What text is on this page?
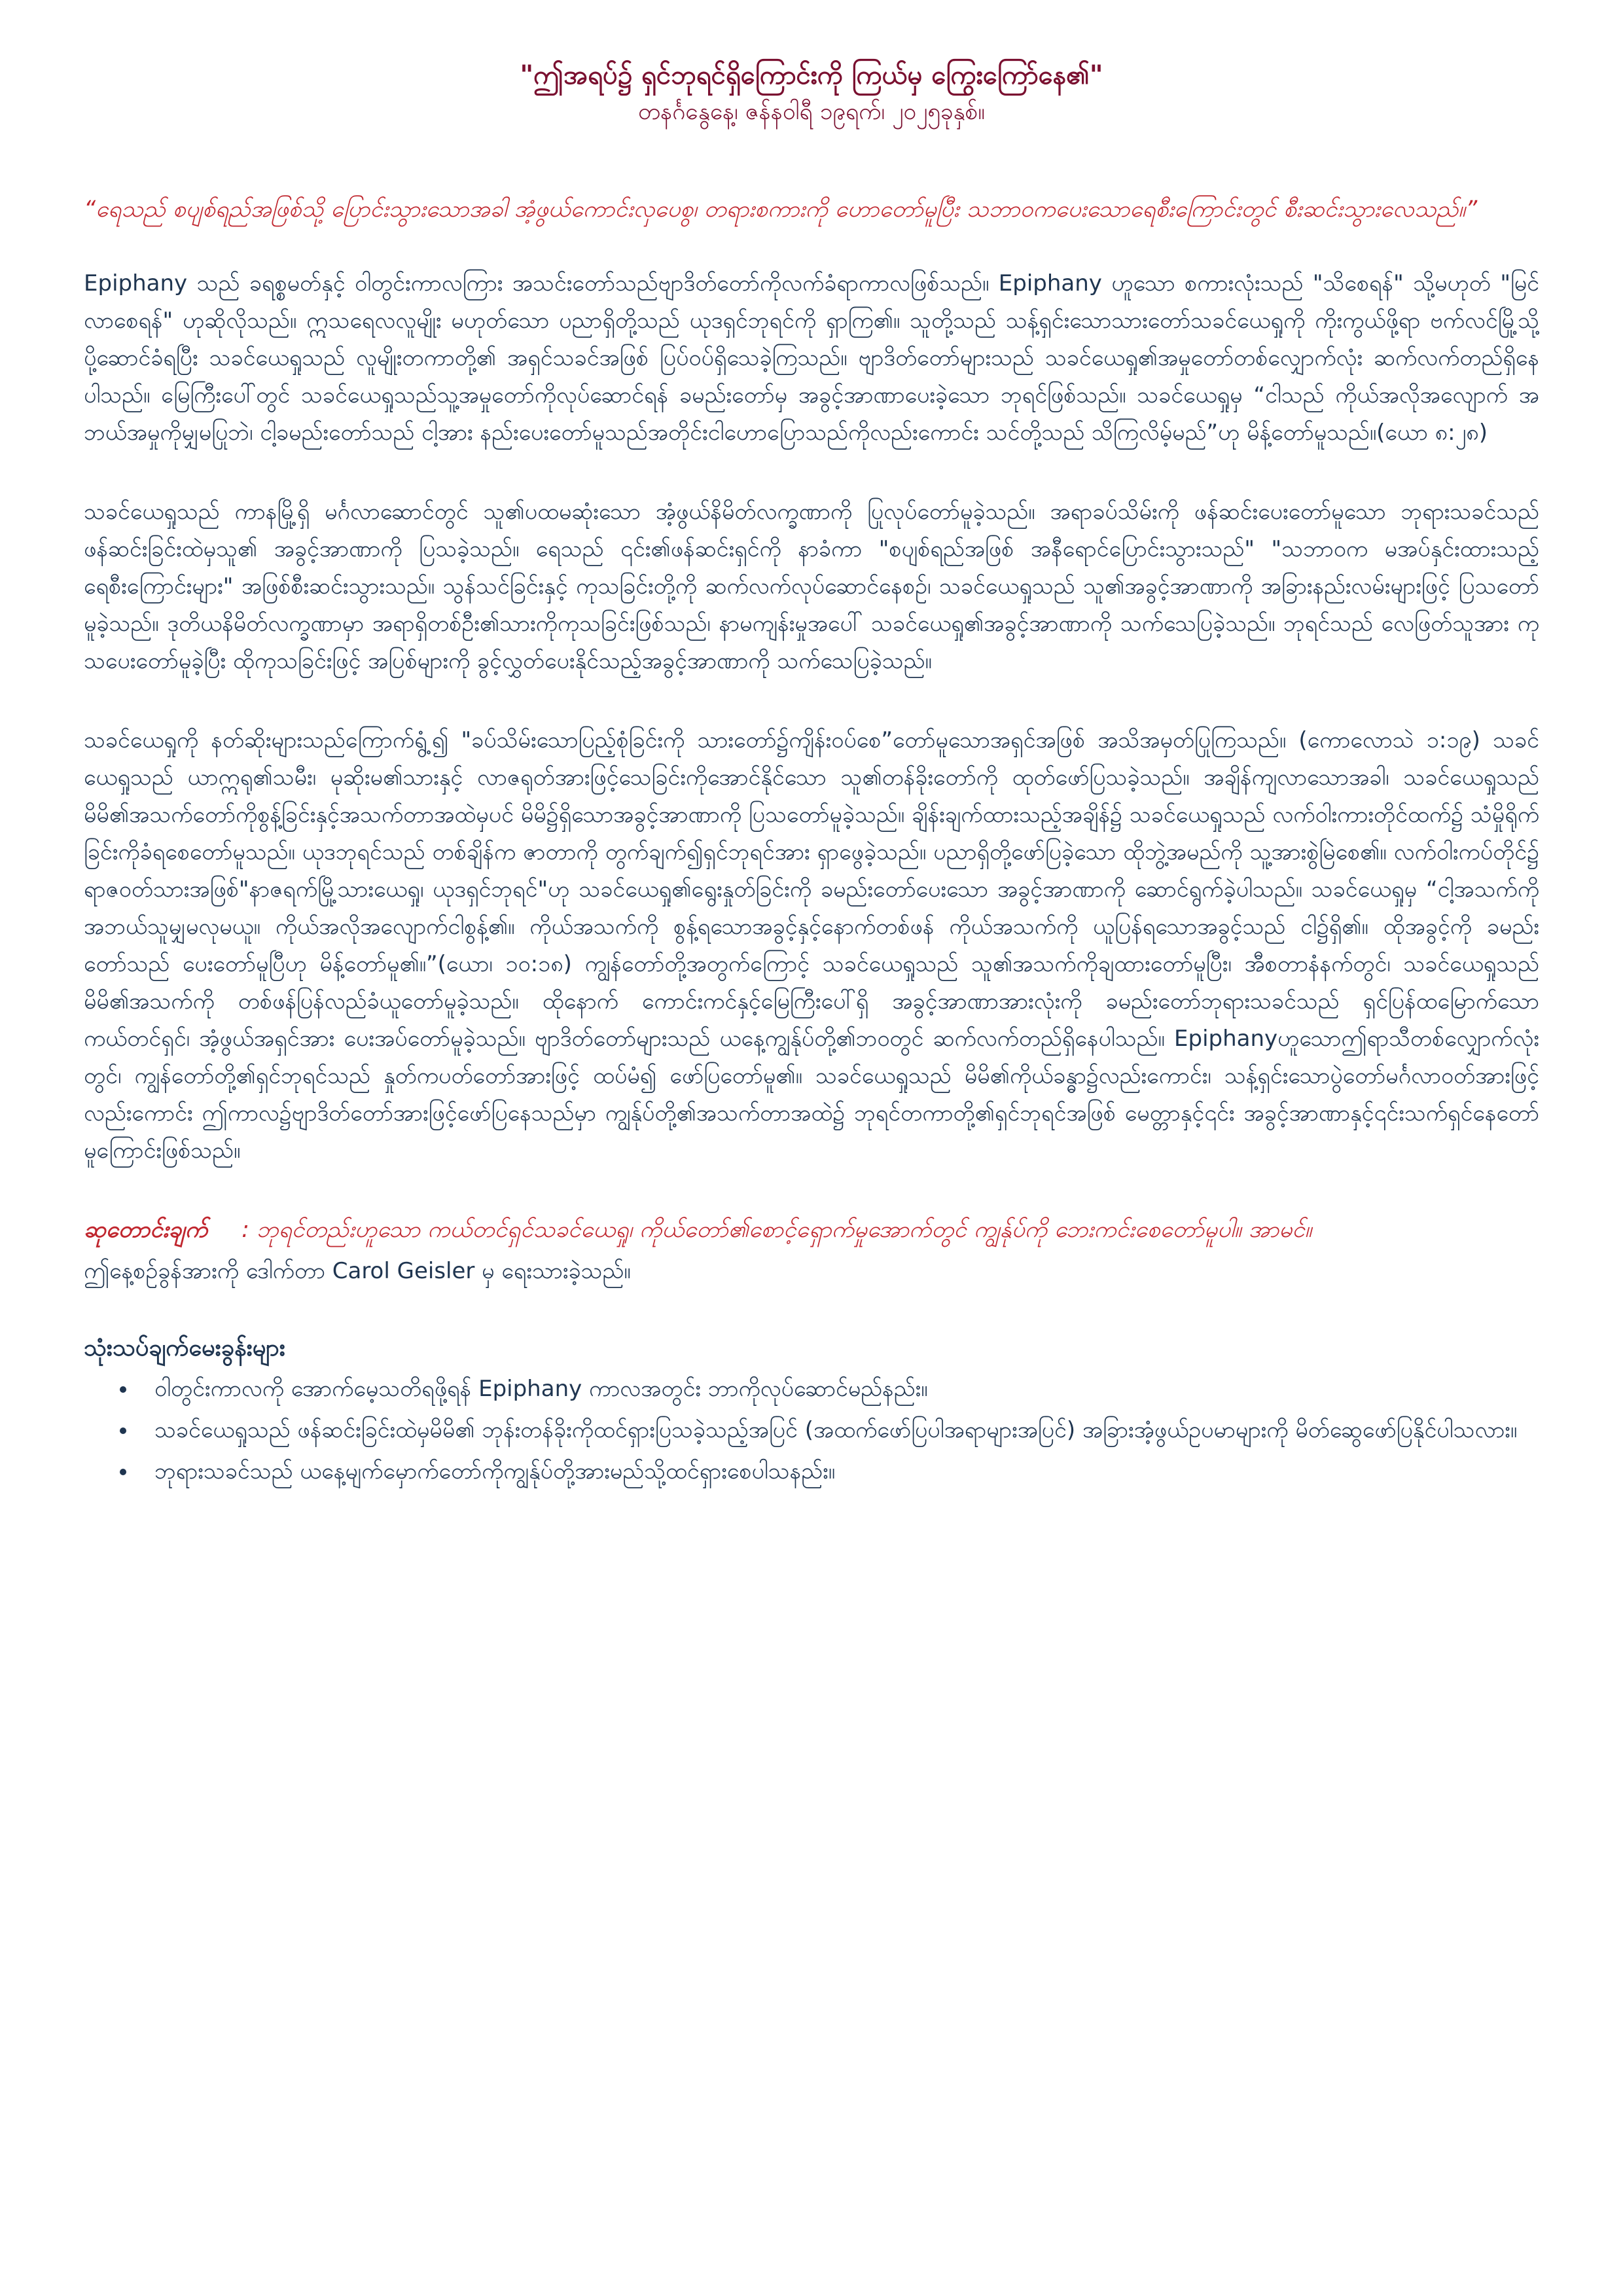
"ဤအရပ်၌ ရှင်ဘုရင်ရှိကြောင်းကို ကြယ်မှ ကြွေးကြော်နေ၏"

တနင်္ဂနွေနေ့၊ ဇန်နဝါရီ ၁၉ရက်၊ ၂၀၂၅ခုနှစ်။

“ရေသည် စပျစ်ရည်အဖြစ်သို့ ပြောင်းသွားသောအခါ အံ့ဖွယ်ကောင်းလှပေစွ၊ တရားစကားကို ဟောတော်မူပြီး သဘာဝကပေးသောရေစီးကြောင်းတွင် စီးဆင်းသွားလေသည်။”

Epiphany သည် ခရစ္စမတ်နှင့် ဝါတွင်းကာလကြား အသင်းတော်သည်ဗျာဒိတ်တော်ကိုလက်ခံရာကာလဖြစ်သည်။ Epiphany ဟူသော စကားလုံးသည် "သိစေရန်" သို့မဟုတ် "မြင်လာစေရန်" ဟုဆိုလိုသည်။ ဣသရေလလူမျိုး မဟုတ်သော ပညာရှိတို့သည် ယုဒရှင်ဘုရင်ကို ရှာကြ၏။ သူတို့သည် သန့်ရှင်းသောသားတော်သခင်ယေရှုကို ကိုးကွယ်ဖို့ရာ ဗက်လင်မြို့သို့ပို့ဆောင်ခံရပြီး သခင်ယေရှုသည် လူမျိုးတကာတို့၏ အရှင်သခင်အဖြစ် ပြပ်ဝပ်ရှိသေခဲ့ကြသည်။ ဗျာဒိတ်တော်များသည် သခင်ယေရှု၏အမှုတော်တစ်လျှောက်လုံး ဆက်လက်တည်ရှိနေပါသည်။ မြေကြီးပေါ်တွင် သခင်ယေရှုသည်သူ့အမှုတော်ကိုလုပ်ဆောင်ရန် ခမည်းတော်မှ အခွင့်အာဏာပေးခဲ့သော ဘုရင်ဖြစ်သည်။ သခင်ယေရှုမှ “ငါသည် ကိုယ်အလိုအလျောက် အဘယ်အမှုကိုမျှမပြုဘဲ၊ ငါ့ခမည်းတော်သည် ငါ့အား နည်းပေးတော်မူသည်အတိုင်းငါဟောပြောသည်ကိုလည်းကောင်း သင်တို့သည် သိကြလိမ့်မည်”ဟု မိန့်တော်မူသည်။(ယော ၈:၂၈)

သခင်ယေရှုသည် ကာနမြို့ရှိ မင်္ဂလာဆောင်တွင် သူ၏ပထမဆုံးသော အံ့ဖွယ်နိမိတ်လက္ခဏာကို ပြုလုပ်တော်မူခဲ့သည်။ အရာခပ်သိမ်းကို ဖန်ဆင်းပေးတော်မူသော ဘုရားသခင်သည် ဖန်ဆင်းခြင်းထဲမှသူ၏ အခွင့်အာဏာကို ပြသခဲ့သည်။ ရေသည် ၎င်း၏ဖန်ဆင်းရှင်ကို နာခံကာ "စပျစ်ရည်အဖြစ် အနီရောင်ပြောင်းသွားသည်" "သဘာဝက မအပ်နှင်းထားသည့် ရေစီးကြောင်းများ" အဖြစ်စီးဆင်းသွားသည်။ သွန်သင်ခြင်းနှင့် ကုသခြင်းတို့ကို ဆက်လက်လုပ်ဆောင်နေစဉ်၊ သခင်ယေရှုသည် သူ၏အခွင့်အာဏာကို အခြားနည်းလမ်းများဖြင့် ပြသတော်မူခဲ့သည်။ ဒုတိယနိမိတ်လက္ခဏာမှာ အရာရှိတစ်ဦး၏သားကိုကုသခြင်းဖြစ်သည်၊ နာမကျန်းမှုအပေါ် သခင်ယေရှု၏အခွင့်အာဏာကို သက်သေပြခဲ့သည်။ ဘုရင်သည် လေဖြတ်သူအား ကုသပေးတော်မူခဲ့ပြီး ထိုကုသခြင်းဖြင့် အပြစ်များကို ခွင့်လွှတ်ပေးနိုင်သည့်အခွင့်အာဏာကို သက်သေပြခဲ့သည်။

သခင်ယေရှုကို နတ်ဆိုးများသည်ကြောက်ရွံ့၍ "ခပ်သိမ်းသောပြည့်စုံခြင်းကို သားတော်၌ကျိန်းဝပ်စေ”တော်မူသောအရှင်အဖြစ် အသိအမှတ်ပြုကြသည်။ (ကောလောသဲ ၁:၁၉) သခင်ယေရှုသည် ယာဣရု၏သမီး၊ မုဆိုးမ၏သားနှင့် လာဇရုတ်အားဖြင့်သေခြင်းကိုအောင်နိုင်သော သူ၏တန်ခိုးတော်ကို ထုတ်ဖော်ပြသခဲ့သည်။ အချိန်ကျလာသောအခါ၊ သခင်ယေရှုသည် မိမိ၏အသက်တော်ကိုစွန့်ခြင်းနှင့်အသက်တာအထဲမှပင် မိမိ၌ရှိသောအခွင့်အာဏာကို ပြသတော်မူခဲ့သည်။ ချိန်းချက်ထားသည့်အချိန်၌ သခင်ယေရှုသည် လက်ဝါးကားတိုင်ထက်၌ သံမှိုရိုက်ခြင်းကိုခံရစေတော်မူသည်။ ယုဒဘုရင်သည် တစ်ချိန်က ဇာတာကို တွက်ချက်၍ရှင်ဘုရင်အား ရှာဖွေခဲ့သည်။ ပညာရှိတို့ဖော်ပြခဲ့သော ထိုဘွဲ့အမည်ကို သူ့အားစွဲမြဲစေ၏။ လက်ဝါးကပ်တိုင်၌ ရာဇဝတ်သားအဖြစ်"နာဇရက်မြို့သားယေရှု၊ ယုဒရှင်ဘုရင်"ဟု သခင်ယေရှု၏ရွေးနှုတ်ခြင်းကို ခမည်းတော်ပေးသော အခွင့်အာဏာကို ဆောင်ရွက်ခဲ့ပါသည်။ သခင်ယေရှုမှ “ငါ့အသက်ကို အဘယ်သူမျှမလုမယူ။ ကိုယ်အလိုအလျောက်ငါစွန့်၏။ ကိုယ်အသက်ကို စွန့်ရသောအခွင့်နှင့်နောက်တစ်ဖန် ကိုယ်အသက်ကို ယူပြန်ရသောအခွင့်သည် ငါ၌ရှိ၏။ ထိုအခွင့်ကို ခမည်းတော်သည် ပေးတော်မူပြီဟု မိန့်တော်မူ၏။”(ယော၊ ၁၀:၁၈) ကျွန်တော်တို့အတွက်ကြောင့် သခင်ယေရှုသည် သူ၏အသက်ကိုချထားတော်မူပြီး၊ အီစတာနံနက်တွင်၊ သခင်ယေရှုသည် မိမိ၏အသက်ကို တစ်ဖန်ပြန်လည်ခံယူတော်မူခဲ့သည်။ ထိုနောက် ကောင်းကင်နှင့်မြေကြီးပေါ်ရှိ အခွင့်အာဏာအားလုံးကို ခမည်းတော်ဘုရားသခင်သည် ရှင်ပြန်ထမြောက်သော ကယ်တင်ရှင်၊ အံ့ဖွယ်အရှင်အား ပေးအပ်တော်မူခဲ့သည်။ ဗျာဒိတ်တော်များသည် ယနေ့ကျွန်ုပ်တို့၏ဘဝတွင် ဆက်လက်တည်ရှိနေပါသည်။ Epiphanyဟူသောဤရာသီတစ်လျှောက်လုံးတွင်၊ ကျွန်တော်တို့၏ရှင်ဘုရင်သည် နှုတ်ကပတ်တော်အားဖြင့် ထပ်မံ၍ ဖော်ပြတော်မူ၏။ သခင်ယေရှုသည် မိမိ၏ကိုယ်ခန္ဓာ၌လည်းကောင်း၊ သန့်ရှင်းသောပွဲတော်မင်္ဂလာဝတ်အားဖြင့်လည်းကောင်း ဤကာလ၌ဗျာဒိတ်တော်အားဖြင့်ဖော်ပြနေသည်မှာ ကျွန်ုပ်တို့၏အသက်တာအထဲ၌ ဘုရင်တကာတို့၏ရှင်ဘုရင်အဖြစ် မေတ္တာနှင့်၎င်း အခွင့်အာဏာနှင့်၎င်းသက်ရှင်နေတော်မူကြောင်းဖြစ်သည်။

ဆုတောင်းချက် : ဘုရင်တည်းဟူသော ကယ်တင်ရှင်သခင်ယေရှု၊ ကိုယ်တော်၏စောင့်ရှောက်မှုအောက်တွင် ကျွန်ုပ်ကို ဘေးကင်းစေတော်မူပါ။ အာမင်။

ဤနေ့စဉ်ခွန်အားကို ဒေါက်တာ Carol Geisler မှ ရေးသားခဲ့သည်။

သုံးသပ်ချက်မေးခွန်းများ
• ဝါတွင်းကာလကို အောက်မေ့သတိရဖို့ရန် Epiphany ကာလအတွင်း ဘာကိုလုပ်ဆောင်မည်နည်း။
• သခင်ယေရှုသည် ဖန်ဆင်းခြင်းထဲမှမိမိ၏ ဘုန်းတန်ခိုးကိုထင်ရှားပြသခဲ့သည့်အပြင် (အထက်ဖော်ပြပါအရာများအပြင်) အခြားအံ့ဖွယ်ဥပမာများကို မိတ်ဆွေဖော်ပြနိုင်ပါသလား။
• ဘုရားသခင်သည် ယနေ့မျက်မှောက်တော်ကိုကျွန်ုပ်တို့အားမည်သို့ထင်ရှားစေပါသနည်း။
